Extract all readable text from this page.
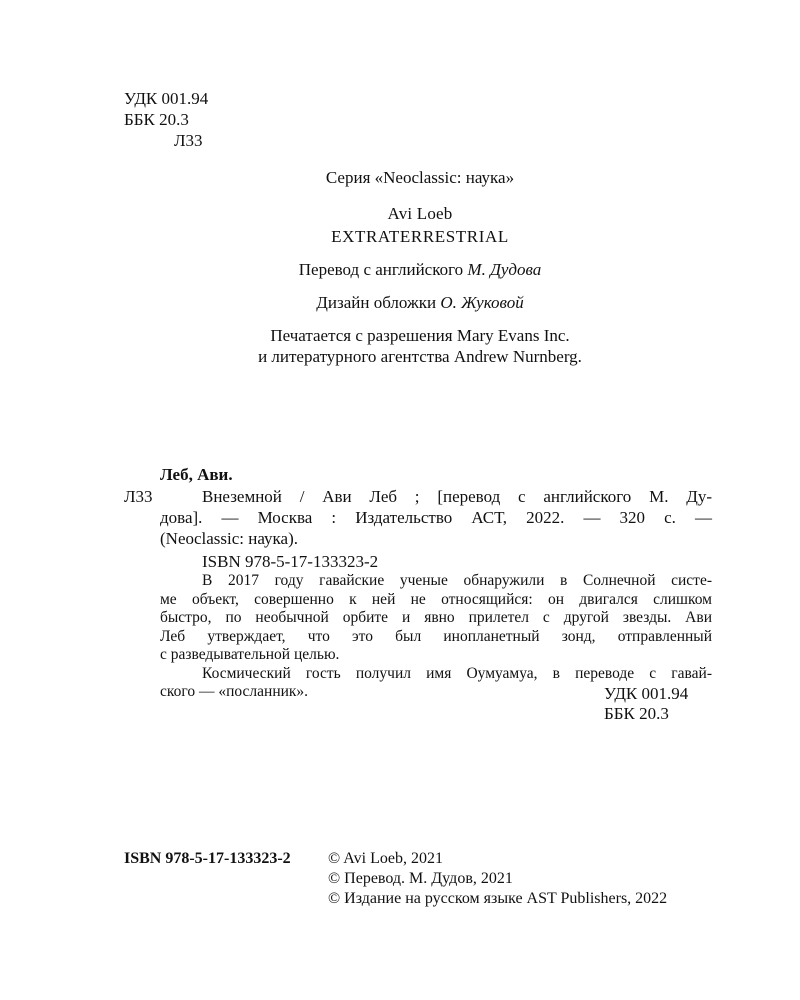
УДК 001.94
ББК 20.3
Л33
Серия «Neoclassic: наука»
Avi Loeb
EXTRATERRESTRIAL
Перевод с английского М. Дудова
Дизайн обложки О. Жуковой
Печатается с разрешения Mary Evans Inc.
и литературного агентства Andrew Nurnberg.
Леб, Ави.
Л33	Внеземной / Ави Леб ; [перевод с английского М. Ду-
дова]. — Москва : Издательство АСТ, 2022. — 320 с. —
(Neoclassic: наука).
ISBN 978-5-17-133323-2
В 2017 году гавайские ученые обнаружили в Солнечной систе-
ме объект, совершенно к ней не относящийся: он двигался слишком
быстро, по необычной орбите и явно прилетел с другой звезды. Ави
Леб утверждает, что это был инопланетный зонд, отправленный
с разведывательной целью.
Космический гость получил имя Оумуамуа, в переводе с гавай-
ского — «посланник».	УДК 001.94
ББК 20.3
ISBN 978-5-17-133323-2 © Avi Loeb, 2021
© Перевод. М. Дудов, 2021
© Издание на русском языке AST Publishers, 2022
